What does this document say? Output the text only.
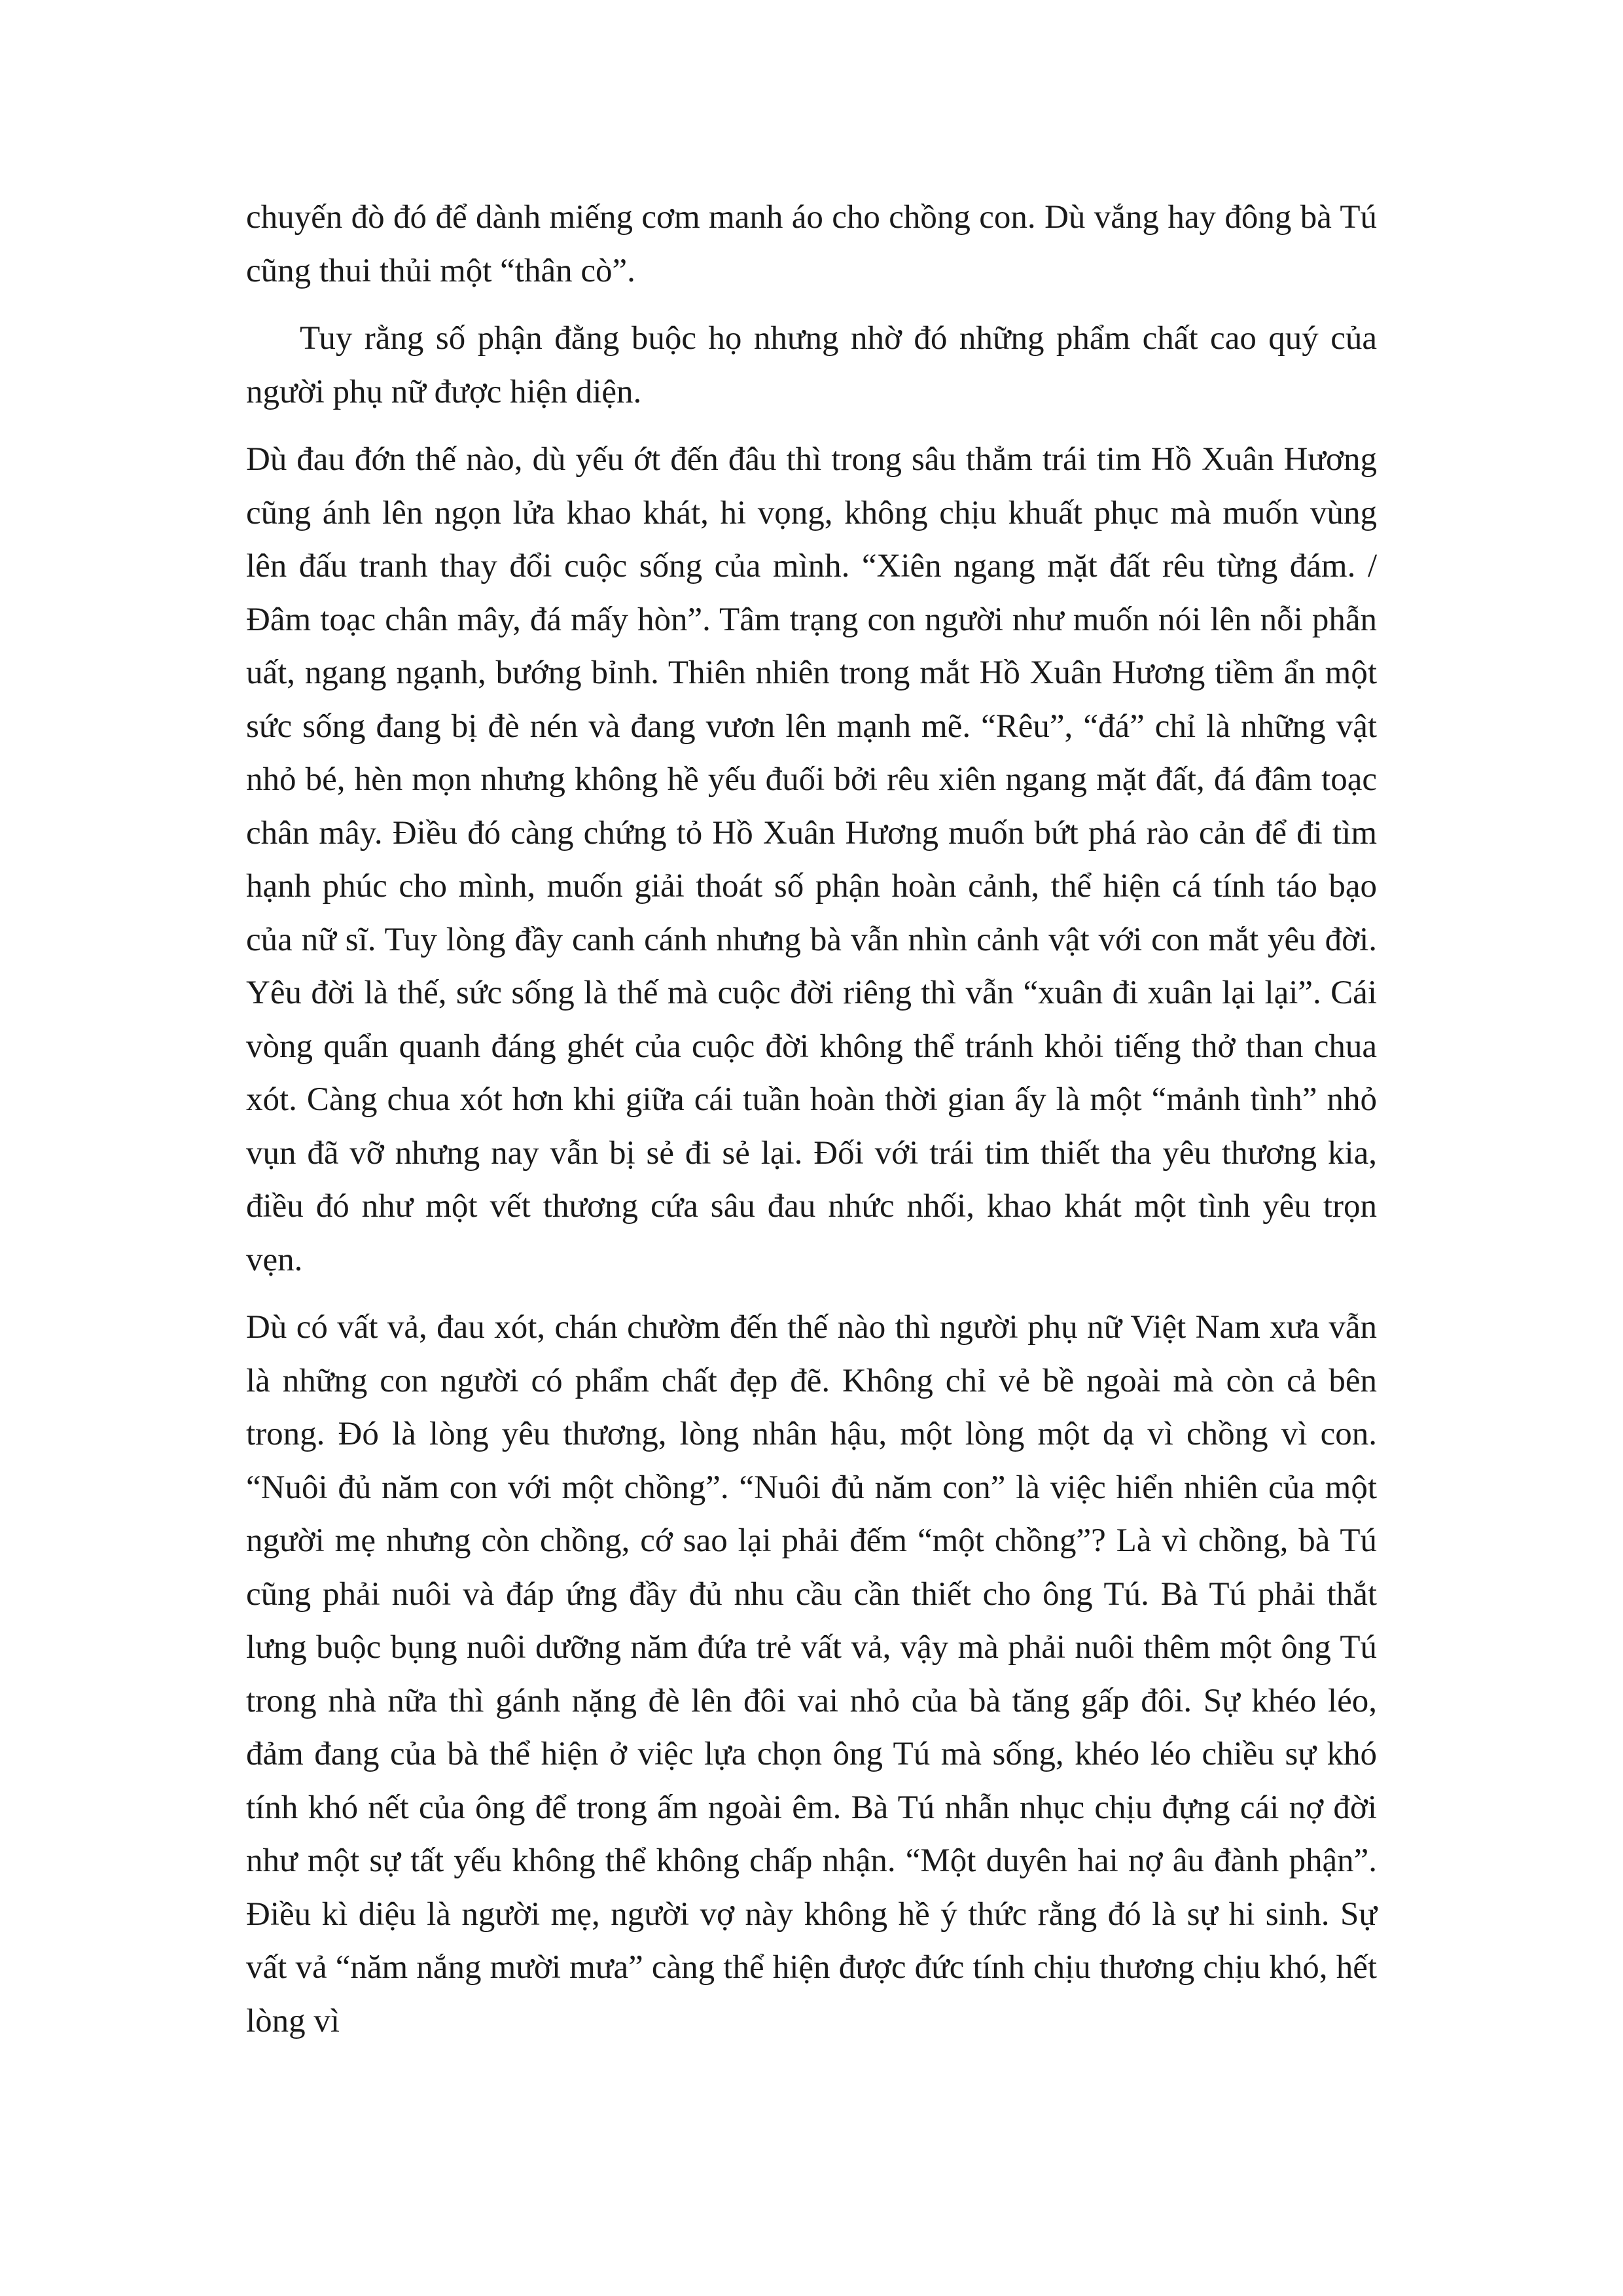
chuyến đò đó để dành miếng cơm manh áo cho chồng con. Dù vắng hay đông bà Tú cũng thui thủi một “thân cò”.

Tuy rằng số phận đằng buộc họ nhưng nhờ đó những phẩm chất cao quý của người phụ nữ được hiện diện.

Dù đau đớn thế nào, dù yếu ớt đến đâu thì trong sâu thẳm trái tim Hồ Xuân Hương cũng ánh lên ngọn lửa khao khát, hi vọng, không chịu khuất phục mà muốn vùng lên đấu tranh thay đổi cuộc sống của mình. “Xiên ngang mặt đất rêu từng đám. /Đâm toạc chân mây, đá mấy hòn”. Tâm trạng con người như muốn nói lên nỗi phẫn uất, ngang ngạnh, bướng bỉnh. Thiên nhiên trong mắt Hồ Xuân Hương tiềm ẩn một sức sống đang bị đè nén và đang vươn lên mạnh mẽ. “Rêu”, “đá” chỉ là những vật nhỏ bé, hèn mọn nhưng không hề yếu đuối bởi rêu xiên ngang mặt đất, đá đâm toạc chân mây. Điều đó càng chứng tỏ Hồ Xuân Hương muốn bứt phá rào cản để đi tìm hạnh phúc cho mình, muốn giải thoát số phận hoàn cảnh, thể hiện cá tính táo bạo của nữ sĩ. Tuy lòng đầy canh cánh nhưng bà vẫn nhìn cảnh vật với con mắt yêu đời. Yêu đời là thế, sức sống là thế mà cuộc đời riêng thì vẫn “xuân đi xuân lại lại”. Cái vòng quẩn quanh đáng ghét của cuộc đời không thể tránh khỏi tiếng thở than chua xót. Càng chua xót hơn khi giữa cái tuần hoàn thời gian ấy là một “mảnh tình” nhỏ vụn đã vỡ nhưng nay vẫn bị sẻ đi sẻ lại. Đối với trái tim thiết tha yêu thương kia, điều đó như một vết thương cứa sâu đau nhức nhối, khao khát một tình yêu trọn vẹn.

Dù có vất vả, đau xót, chán chườm đến thế nào thì người phụ nữ Việt Nam xưa vẫn là những con người có phẩm chất đẹp đẽ. Không chỉ vẻ bề ngoài mà còn cả bên trong. Đó là lòng yêu thương, lòng nhân hậu, một lòng một dạ vì chồng vì con. “Nuôi đủ năm con với một chồng”. “Nuôi đủ năm con” là việc hiển nhiên của một người mẹ nhưng còn chồng, cớ sao lại phải đếm “một chồng”? Là vì chồng, bà Tú cũng phải nuôi và đáp ứng đầy đủ nhu cầu cần thiết cho ông Tú. Bà Tú phải thắt lưng buộc bụng nuôi dưỡng năm đứa trẻ vất vả, vậy mà phải nuôi thêm một ông Tú trong nhà nữa thì gánh nặng đè lên đôi vai nhỏ của bà tăng gấp đôi. Sự khéo léo, đảm đang của bà thể hiện ở việc lựa chọn ông Tú mà sống, khéo léo chiều sự khó tính khó nết của ông để trong ấm ngoài êm. Bà Tú nhẫn nhục chịu đựng cái nợ đời như một sự tất yếu không thể không chấp nhận. “Một duyên hai nợ âu đành phận”. Điều kì diệu là người mẹ, người vợ này không hề ý thức rằng đó là sự hi sinh. Sự vất vả “năm nắng mười mưa” càng thể hiện được đức tính chịu thương chịu khó, hết lòng vì
